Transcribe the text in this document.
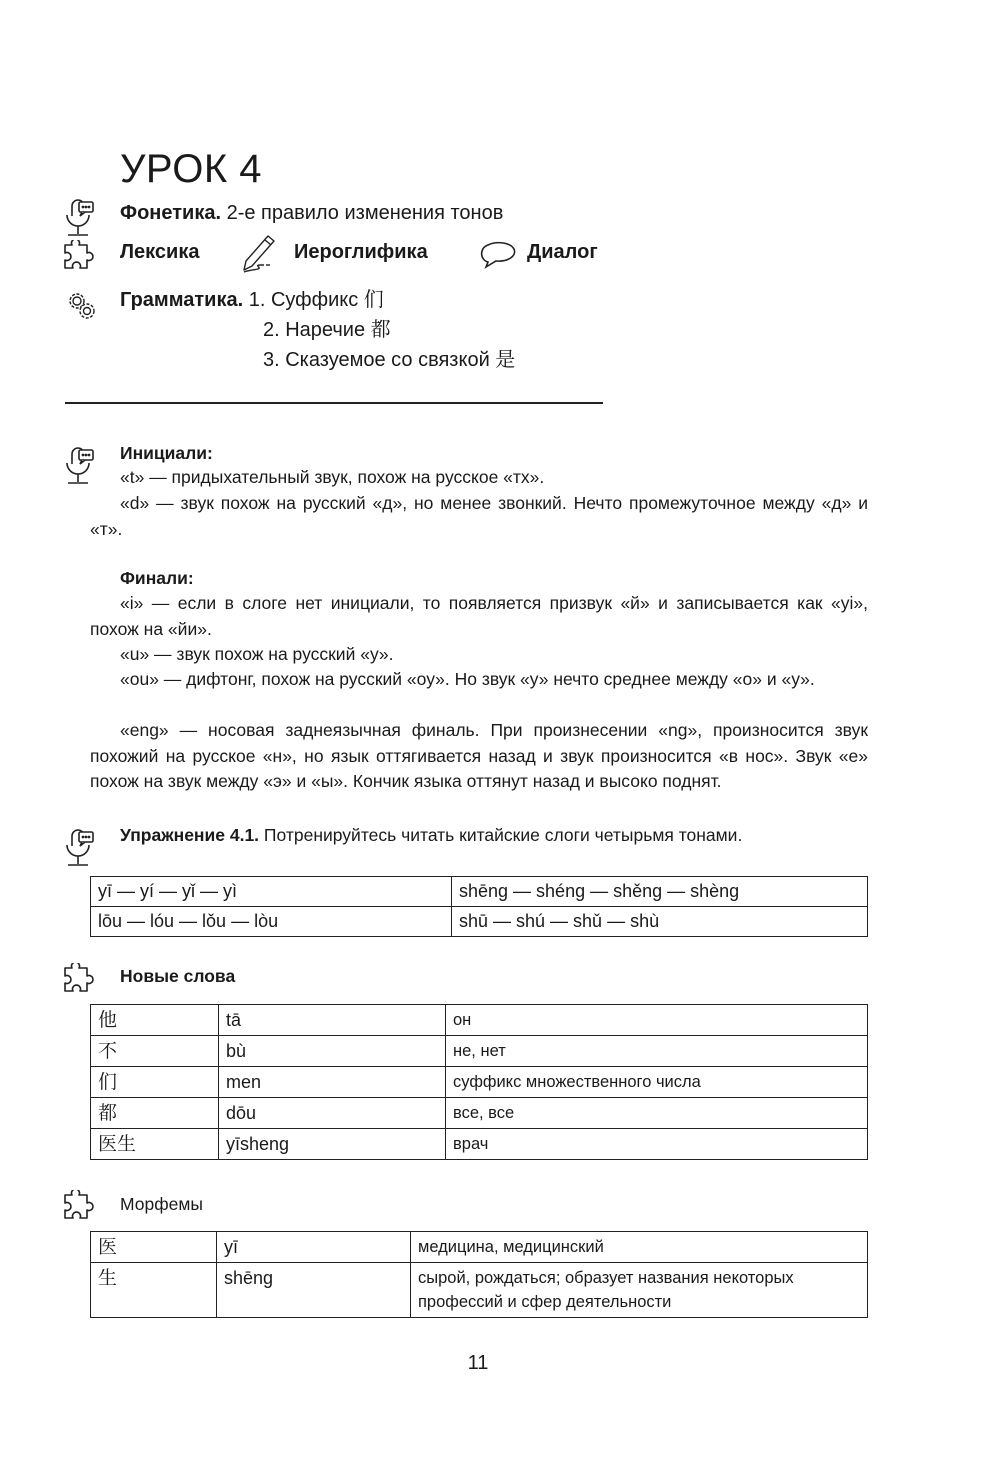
УРОК 4
Фонетика. 2-е правило изменения тонов
Лексика	Иероглифика	Диалог
Грамматика. 1. Суффикс 们
2. Наречие 都
3. Сказуемое со связкой 是
Инициали:
«t» — придыхательный звук, похож на русское «тх».
«d» — звук похож на русский «д», но менее звонкий. Нечто промежуточное между «д» и «т».
Финали:
«i» — если в слоге нет инициали, то появляется призвук «й» и записывается как «yi», похож на «йи».
«u» — звук похож на русский «у».
«ou» — дифтонг, похож на русский «оу». Но звук «у» нечто среднее между «о» и «у».
«eng» — носовая заднеязычная финаль. При произнесении «ng», произносится звук похожий на русское «н», но язык оттягивается назад и звук произносится «в нос». Звук «е» похож на звук между «э» и «ы». Кончик языка оттянут назад и высоко поднят.
Упражнение 4.1. Потренируйтесь читать китайские слоги четырьмя тонами.
yī — yí — yǐ — yì	shēng — shéng — shěng — shèng
lōu — lóu — lǒu — lòu	shū — shú — shǔ — shù
Новые слова
他	tā	он
不	bù	не, нет
们	men	суффикс множественного числа
都	dōu	все, все
医生	yīsheng	врач
Морфемы
医	yī	медицина, медицинский
生	shēng	сырой, рождаться; образует названия некоторых профессий и сфер деятельности
11
